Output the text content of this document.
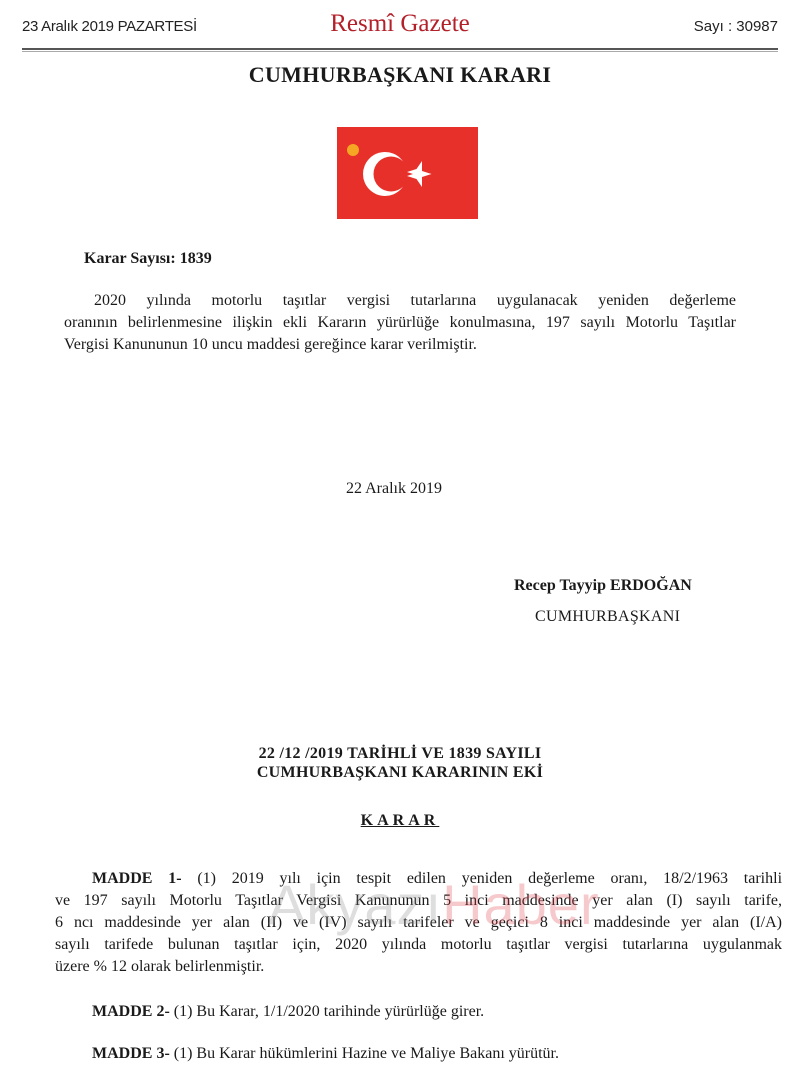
23 Aralık 2019 PAZARTESİ	Resmî Gazete	Sayı : 30987
CUMHURBAŞKANI KARARI
Karar Sayısı: 1839
2020 yılında motorlu taşıtlar vergisi tutarlarına uygulanacak yeniden değerleme
oranının belirlenmesine ilişkin ekli Kararın yürürlüğe konulmasına, 197 sayılı Motorlu Taşıtlar
Vergisi Kanununun 10 uncu maddesi gereğince karar verilmiştir.
22 Aralık 2019
Recep Tayyip ERDOĞAN
CUMHURBAŞKANI
22 /12 /2019 TARİHLİ VE 1839 SAYILI
CUMHURBAŞKANI KARARININ EKİ
KARAR
MADDE 1- (1) 2019 yılı için tespit edilen yeniden değerleme oranı, 18/2/1963 tarihli
ve 197 sayılı Motorlu Taşıtlar Vergisi Kanununun 5 inci maddesinde yer alan (I) sayılı tarife,
6 ncı maddesinde yer alan (II) ve (IV) sayılı tarifeler ve geçici 8 inci maddesinde yer alan (I/A)
sayılı tarifede bulunan taşıtlar için, 2020 yılında motorlu taşıtlar vergisi tutarlarına uygulanmak
üzere % 12 olarak belirlenmiştir.
MADDE 2- (1) Bu Karar, 1/1/2020 tarihinde yürürlüğe girer.
MADDE 3- (1) Bu Karar hükümlerini Hazine ve Maliye Bakanı yürütür.
AkyazıHaber
